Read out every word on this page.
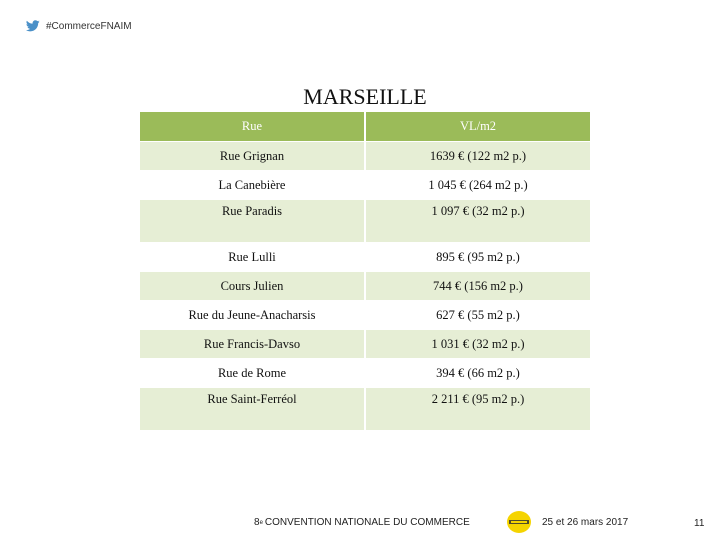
#CommerceFNAIM
MARSEILLE
Rue	VL/m2
Rue Grignan	1639 € (122 m2 p.)
La Canebière	1 045 € (264 m2 p.)
Rue Paradis	1 097 € (32 m2 p.)
Rue Lulli	895 € (95 m2 p.)
Cours Julien	744 € (156 m2 p.)
Rue du Jeune-Anacharsis	627 € (55 m2 p.)
Rue Francis-Davso	1 031 € (32 m2 p.)
Rue de Rome	394 € (66 m2 p.)
Rue Saint-Ferréol	2 211 € (95 m2 p.)
8 e CONVENTION NATIONALE DU COMMERCE	25 et 26 mars 2017	11
